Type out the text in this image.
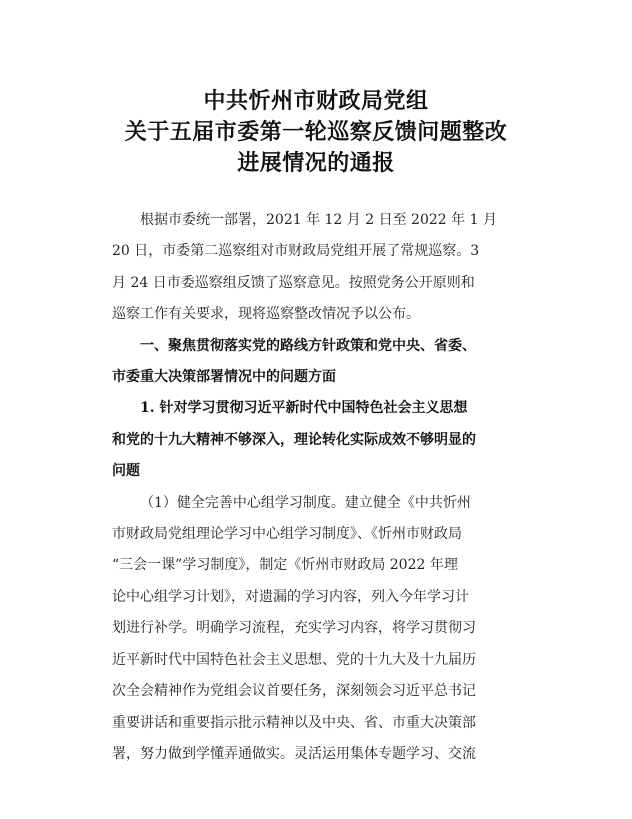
中共忻州市财政局党组
关于五届市委第一轮巡察反馈问题整改
进展情况的通报
根据市委统一部署，2021 年 12 月 2 日至 2022 年 1 月
20 日，市委第二巡察组对市财政局党组开展了常规巡察。3
月 24 日市委巡察组反馈了巡察意见。按照党务公开原则和
巡察工作有关要求，现将巡察整改情况予以公布。
一、聚焦贯彻落实党的路线方针政策和党中央、省委、
市委重大决策部署情况中的问题方面
1. 针对学习贯彻习近平新时代中国特色社会主义思想
和党的十九大精神不够深入，理论转化实际成效不够明显的
问题
（1）健全完善中心组学习制度。建立健全《中共忻州
市财政局党组理论学习中心组学习制度》、《忻州市财政局
“三会一课”学习制度》，制定《忻州市财政局 2022 年理
论中心组学习计划》，对遗漏的学习内容，列入今年学习计
划进行补学。明确学习流程，充实学习内容，将学习贯彻习
近平新时代中国特色社会主义思想、党的十九大及十九届历
次全会精神作为党组会议首要任务，深刻领会习近平总书记
重要讲话和重要指示批示精神以及中央、省、市重大决策部
署，努力做到学懂弄通做实。灵活运用集体专题学习、交流
